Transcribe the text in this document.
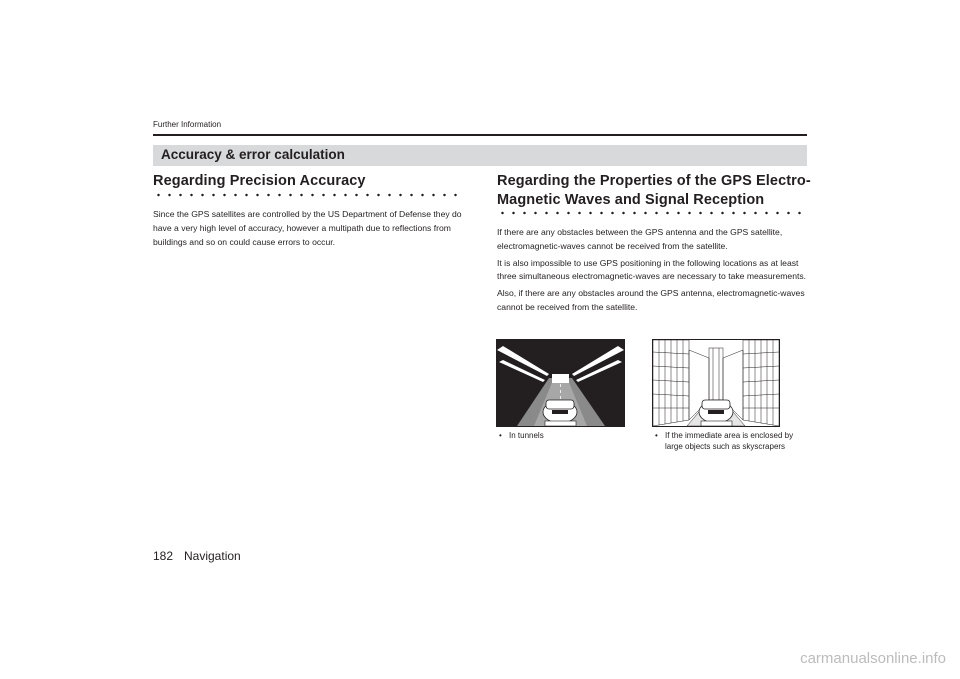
Further Information
Accuracy & error calculation
Regarding Precision Accuracy

Since the GPS satellites are controlled by the US Department of Defense they do have a very high level of accuracy, however a multipath due to reflections from buildings and so on could cause errors to occur.

Regarding the Properties of the GPS Electro-
Magnetic Waves and Signal Reception

If there are any obstacles between the GPS antenna and the GPS satellite, electromagnetic-waves cannot be received from the satellite.

It is also impossible to use GPS positioning in the following locations as at least three simultaneous electromagnetic-waves are necessary to take measurements.

Also, if there are any obstacles around the GPS antenna, electromagnetic-waves cannot be received from the satellite.

• In tunnels	• If the immediate area is enclosed by
large objects such as skyscrapers
182 Navigation
carmanualsonline.info
